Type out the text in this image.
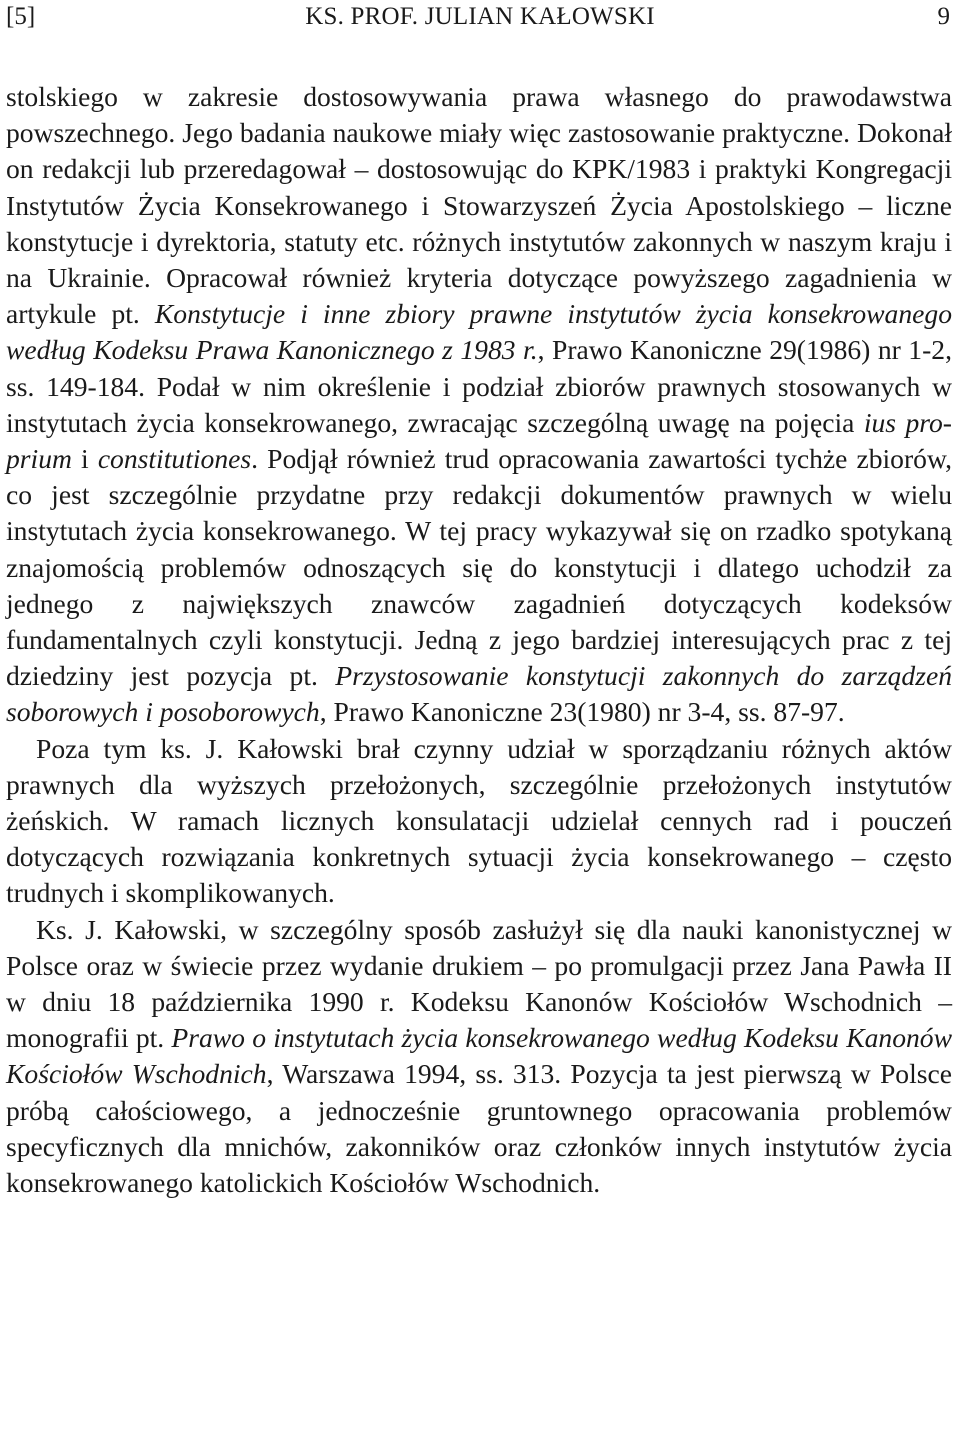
[5]	KS. PROF. JULIAN KAŁOWSKI	9

stolskiego w zakresie dostosowywania prawa własnego do prawodawstwa powszechnego. Jego badania naukowe miały więc zastosowanie praktyczne. Dokonał on redakcji lub przeredagował – dostosowując do KPK/1983 i praktyki Kongregacji Instytutów Życia Konsekrowanego i Stowarzyszeń Życia Apostolskiego – liczne konstytucje i dyrektoria, statuty etc. różnych instytutów zakonnych w naszym kraju i na Ukrainie. Opracował również kryteria dotyczące powyższego zagadnienia w artykule pt. Konstytucje i inne zbiory prawne instytutów życia konsekrowanego według Kodeksu Prawa Kanonicznego z 1983 r., Prawo Kanoniczne 29(1986) nr 1-2, ss. 149-184. Podał w nim określenie i podział zbiorów prawnych stosowanych w instytutach życia konsekrowanego, zwracając szczególną uwagę na pojęcia ius proprium i constitutiones. Podjął również trud opracowania zawartości tychże zbiorów, co jest szczególnie przydatne przy redakcji dokumentów prawnych w wielu instytutach życia konsekrowanego. W tej pracy wykazywał się on rzadko spotykaną znajomością problemów odnoszących się do konstytucji i dlatego uchodził za jednego z największych znawców zagadnień dotyczących kodeksów fundamentalnych czyli konstytucji. Jedną z jego bardziej interesujących prac z tej dziedziny jest pozycja pt. Przystosowanie konstytucji zakonnych do zarządzeń soborowych i posoborowych, Prawo Kanoniczne 23(1980) nr 3-4, ss. 87-97.

Poza tym ks. J. Kałowski brał czynny udział w sporządzaniu różnych aktów prawnych dla wyższych przełożonych, szczególnie przełożonych instytutów żeńskich. W ramach licznych konsulatacji udzielał cennych rad i pouczeń dotyczących rozwiązania konkretnych sytuacji życia konsekrowanego – często trudnych i skomplikowanych.

Ks. J. Kałowski, w szczególny sposób zasłużył się dla nauki kanonistycznej w Polsce oraz w świecie przez wydanie drukiem – po promulgacji przez Jana Pawła II w dniu 18 października 1990 r. Kodeksu Kanonów Kościołów Wschodnich – monografii pt. Prawo o instytutach życia konsekrowanego według Kodeksu Kanonów Kościołów Wschodnich, Warszawa 1994, ss. 313. Pozycja ta jest pierwszą w Polsce próbą całościowego, a jednocześnie gruntownego opracowania problemów specyficznych dla mnichów, zakonników oraz członków innych instytutów życia konsekrowanego katolickich Kościołów Wschodnich.
